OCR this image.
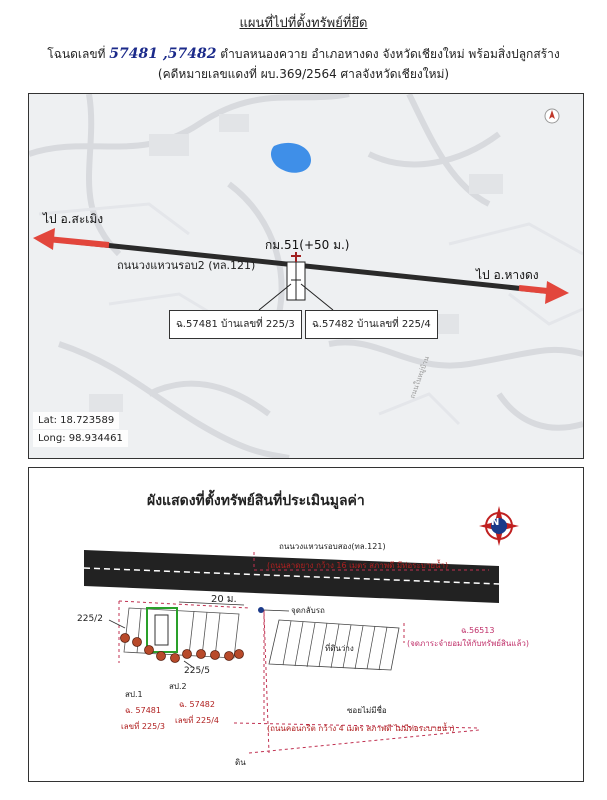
แผนที่ไปที่ตั้งทรัพย์ที่ยึด
โฉนดเลขที่ 57481 ,57482 ตำบลหนองควาย อำเภอหางดง จังหวัดเชียงใหม่ พร้อมสิ่งปลูกสร้าง
(คดีหมายเลขแดงที่ ผบ.369/2564 ศาลจังหวัดเชียงใหม่)
ถนนในหมู่บ้าน
ไป อ.สะเมิง
ไป อ.หางดง
กม.51(+50 ม.)
ถนนวงแหวนรอบ2 (ทล.121)
ฉ.57481 บ้านเลขที่ 225/3	ฉ.57482 บ้านเลขที่ 225/4
Lat: 18.723589
Long: 98.934461
ผังแสดงที่ตั้งทรัพย์สินที่ประเมินมูลค่า
N
ถนนวงแหวนรอบสอง(ทล.121)
(ถนนลาดยาง กว้าง 16 เมตร สภาพดี มีท่อระบายน้ำ)
20 ม.
จุดกลับรถ
225/2
225/5
ที่ดินว่าง
ฉ.56513
(จดภาระจำยอมให้กับทรัพย์สินแล้ว)
ซอยไม่มีชื่อ
(ถนนคอนกรีต กว้าง 4 เมตร สภาพดี ไม่มีท่อระบายน้ำ)
สป.1
สป.2
ฉ. 57481
เลขที่ 225/3
ฉ. 57482
เลขที่ 225/4
ดิน
